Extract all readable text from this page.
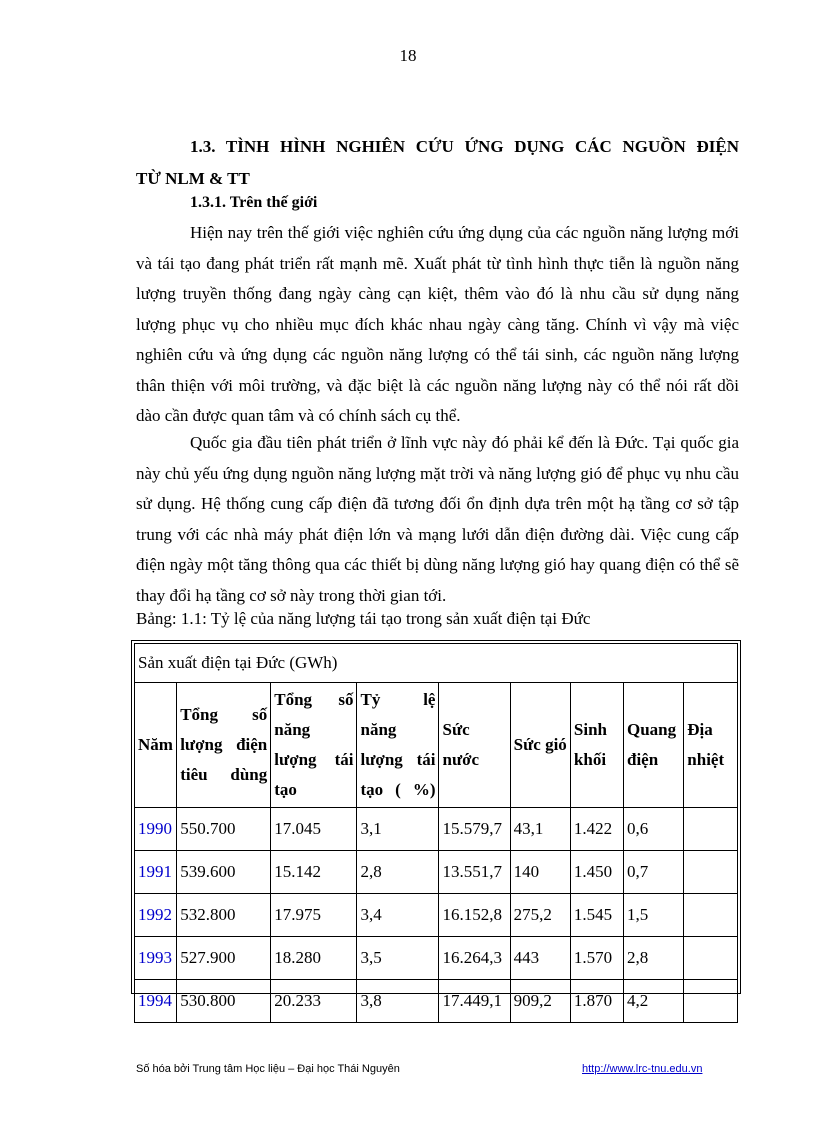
18
1.3. TÌNH HÌNH NGHIÊN CỨU ỨNG DỤNG CÁC NGUỒN ĐIỆN
TỪ NLM & TT
1.3.1. Trên thế giới

Hiện nay trên thế giới việc nghiên cứu ứng dụng của các nguồn năng lượng mới và tái tạo đang phát triển rất mạnh mẽ. Xuất phát từ tình hình thực tiễn là nguồn năng lượng truyền thống đang ngày càng cạn kiệt, thêm vào đó là nhu cầu sử dụng năng lượng phục vụ cho nhiều mục đích khác nhau ngày càng tăng. Chính vì vậy mà việc nghiên cứu và ứng dụng các nguồn năng lượng có thể tái sinh, các nguồn năng lượng thân thiện với môi trường, và đặc biệt là các nguồn năng lượng này có thể nói rất dồi dào cần được quan tâm và có chính sách cụ thể.

Quốc gia đầu tiên phát triển ở lĩnh vực này đó phải kể đến là Đức. Tại quốc gia này chủ yếu ứng dụng nguồn năng lượng mặt trời và năng lượng gió để phục vụ nhu cầu sử dụng. Hệ thống cung cấp điện đã tương đối ổn định dựa trên một hạ tầng cơ sở tập trung với các nhà máy phát điện lớn và mạng lưới dẫn điện đường dài. Việc cung cấp điện ngày một tăng thông qua các thiết bị dùng năng lượng gió hay quang điện có thể sẽ thay đổi hạ tầng cơ sở này trong thời gian tới.

Bảng: 1.1: Tỷ lệ của năng lượng tái tạo trong sản xuất điện tại Đức
Sản xuất điện tại Đức (GWh)								
Năm	Tổng số lượng điện tiêu dùng	Tổng số năng lượng tái tạo	Tỷ lệ năng lượng tái tạo ( %)	Sức nước	Sức gió	Sinh khối	Quang điện	Địa nhiệt
1990	550.700	17.045	3,1	15.579,7	43,1	1.422	0,6	
1991	539.600	15.142	2,8	13.551,7	140	1.450	0,7	
1992	532.800	17.975	3,4	16.152,8	275,2	1.545	1,5	
1993	527.900	18.280	3,5	16.264,3	443	1.570	2,8	
1994	530.800	20.233	3,8	17.449,1	909,2	1.870	4,2	
Số hóa bởi Trung tâm Học liệu – Đại học Thái Nguyên	http://www.lrc-tnu.edu.vn
